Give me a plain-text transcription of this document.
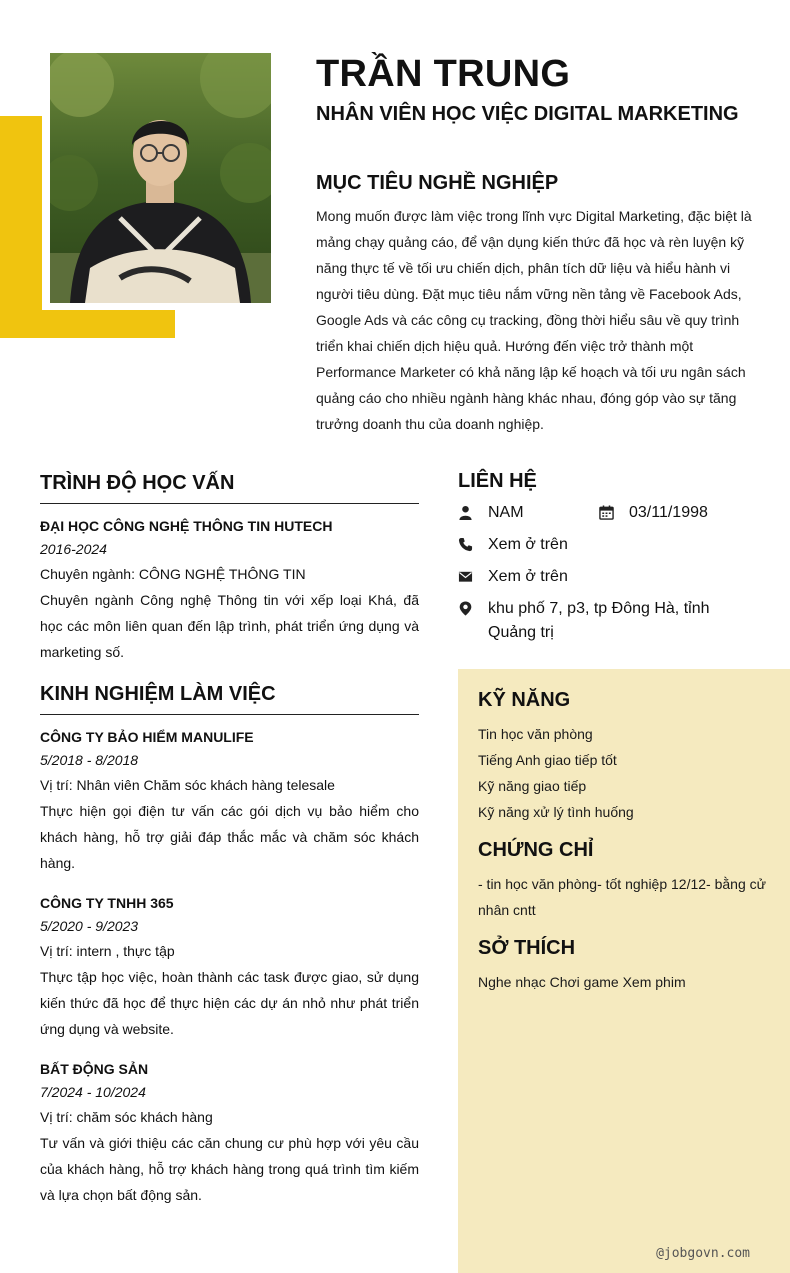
TRẦN TRUNG
NHÂN VIÊN HỌC VIỆC DIGITAL MARKETING
MỤC TIÊU NGHỀ NGHIỆP

Mong muốn được làm việc trong lĩnh vực Digital Marketing, đặc biệt là mảng chạy quảng cáo, để vận dụng kiến thức đã học và rèn luyện kỹ năng thực tế về tối ưu chiến dịch, phân tích dữ liệu và hiểu hành vi người tiêu dùng. Đặt mục tiêu nắm vững nền tảng về Facebook Ads, Google Ads và các công cụ tracking, đồng thời hiểu sâu về quy trình triển khai chiến dịch hiệu quả. Hướng đến việc trở thành một Performance Marketer có khả năng lập kế hoạch và tối ưu ngân sách quảng cáo cho nhiều ngành hàng khác nhau, đóng góp vào sự tăng trưởng doanh thu của doanh nghiệp.

TRÌNH ĐỘ HỌC VẤN
ĐẠI HỌC CÔNG NGHỆ THÔNG TIN HUTECH
2016-2024
Chuyên ngành: CÔNG NGHỆ THÔNG TIN
Chuyên ngành Công nghệ Thông tin với xếp loại Khá, đã học các môn liên quan đến lập trình, phát triển ứng dụng và marketing số.
KINH NGHIỆM LÀM VIỆC
CÔNG TY BẢO HIỂM MANULIFE
5/2018 - 8/2018
Vị trí: Nhân viên Chăm sóc khách hàng telesale
Thực hiện gọi điện tư vấn các gói dịch vụ bảo hiểm cho khách hàng, hỗ trợ giải đáp thắc mắc và chăm sóc khách hàng.
CÔNG TY TNHH 365
5/2020 - 9/2023
Vị trí: intern , thực tập
Thực tập học việc, hoàn thành các task được giao, sử dụng kiến thức đã học để thực hiện các dự án nhỏ như phát triển ứng dụng và website.
BẤT ĐỘNG SẢN
7/2024 - 10/2024
Vị trí: chăm sóc khách hàng
Tư vấn và giới thiệu các căn chung cư phù hợp với yêu cầu của khách hàng, hỗ trợ khách hàng trong quá trình tìm kiếm và lựa chọn bất động sản.
LIÊN HỆ
NAM	03/11/1998
Xem ở trên
Xem ở trên
khu phố 7, p3, tp Đông Hà, tỉnh Quảng trị
KỸ NĂNG
Tin học văn phòng
Tiếng Anh giao tiếp tốt
Kỹ năng giao tiếp
Kỹ năng xử lý tình huống
CHỨNG CHỈ
- tin học văn phòng- tốt nghiệp 12/12- bằng cử nhân cntt
SỞ THÍCH
Nghe nhạc Chơi game Xem phim
@jobgovn.com
